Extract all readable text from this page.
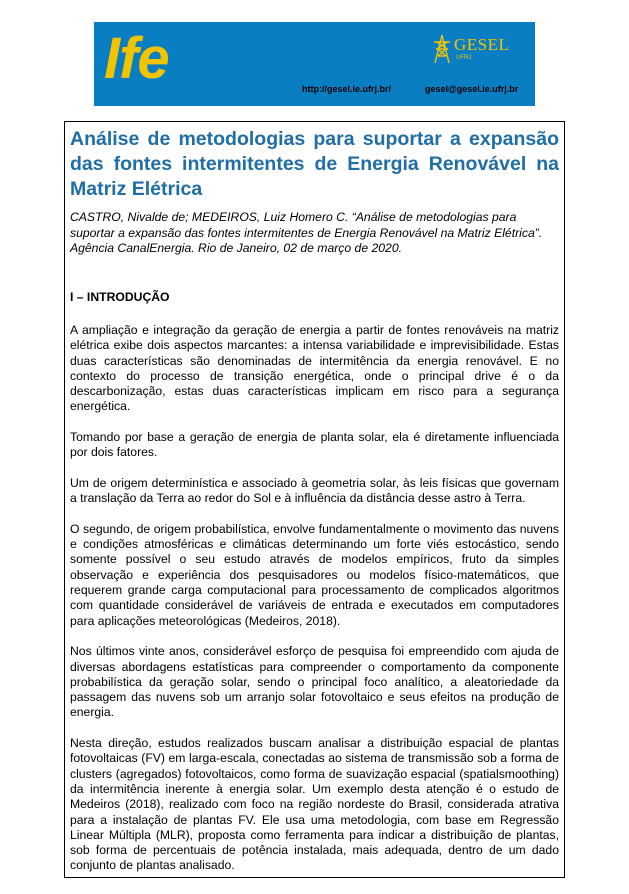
Ife	GESEL
UFRJ
http://gesel.ie.ufrj.br/	gesel@gesel.ie.ufrj.br
Análise de metodologias para suportar a expansão das fontes intermitentes de Energia Renovável na Matriz Elétrica

CASTRO, Nivalde de; MEDEIROS, Luiz Homero C. “Análise de metodologias para suportar a expansão das fontes intermitentes de Energia Renovável na Matriz Elétrica”. Agência CanalEnergia. Rio de Janeiro, 02 de março de 2020.

I – INTRODUÇÃO

A ampliação e integração da geração de energia a partir de fontes renováveis na matriz elétrica exibe dois aspectos marcantes: a intensa variabilidade e imprevisibilidade. Estas duas características são denominadas de intermitência da energia renovável. E no contexto do processo de transição energética, onde o principal drive é o da descarbonização, estas duas características implicam em risco para a segurança energética.

Tomando por base a geração de energia de planta solar, ela é diretamente influenciada por dois fatores.

Um de origem determinística e associado à geometria solar, às leis físicas que governam a translação da Terra ao redor do Sol e à influência da distância desse astro à Terra.

O segundo, de origem probabilística, envolve fundamentalmente o movimento das nuvens e condições atmosféricas e climáticas determinando um forte viés estocástico, sendo somente possível o seu estudo através de modelos empíricos, fruto da simples observação e experiência dos pesquisadores ou modelos físico-matemáticos, que requerem grande carga computacional para processamento de complicados algoritmos com quantidade considerável de variáveis de entrada e executados em computadores para aplicações meteorológicas (Medeiros, 2018).

Nos últimos vinte anos, considerável esforço de pesquisa foi empreendido com ajuda de diversas abordagens estatísticas para compreender o comportamento da componente probabilística da geração solar, sendo o principal foco analítico, a aleatoriedade da passagem das nuvens sob um arranjo solar fotovoltaico e seus efeitos na produção de energia.

Nesta direção, estudos realizados buscam analisar a distribuição espacial de plantas fotovoltaicas (FV) em larga-escala, conectadas ao sistema de transmissão sob a forma de clusters (agregados) fotovoltaicos, como forma de suavização espacial (spatialsmoothing) da intermitência inerente à energia solar. Um exemplo desta atenção é o estudo de Medeiros (2018), realizado com foco na região nordeste do Brasil, considerada atrativa para a instalação de plantas FV. Ele usa uma metodologia, com base em Regressão Linear Múltipla (MLR), proposta como ferramenta para indicar a distribuição de plantas, sob forma de percentuais de potência instalada, mais adequada, dentro de um dado conjunto de plantas analisado.
